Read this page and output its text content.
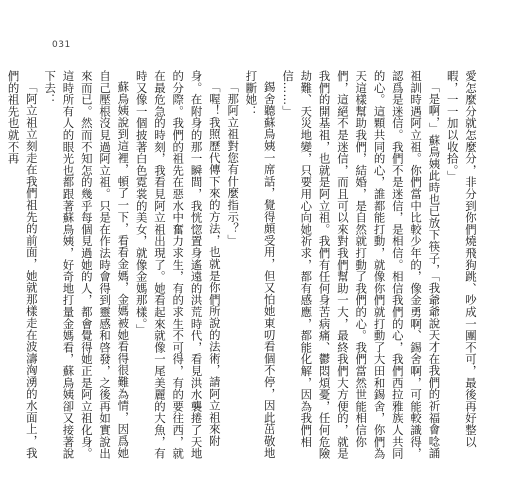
031

愛怎麼分就怎麼分，非分到你們燒飛狗跳、吵成一團不可，最後再好整以暇，一一加以收拾。」

「是啊，」蘇鳥姨此時也已放下筷子，「我爺爺說天才在我們的祈福會唸誦祖訓時遇阿立祖。你們當中比較少年的，像金勇啊、錫舍啊，可能較識得，認爲是迷信。我們不是迷信，是相信。相信我們的心，我們西拉雅族人共同的心。這顆共同的心，誰都能打動，就像你們就打動了大田和錫舍，你們為天這樣幫助我們，結婚，是自然就打動了我們的心。我們當然世能相信你們，這絕不是迷信，而且可以來對我們幫助一大，最終我們大方便的，就是我們的開基祖，也就是阿立祖。我們有任何身苦病痛、鬱悶煩憂，任何危險劫難、天災地變，只要用心向她祈求，都有感應，都能化解，因為我們相信……」

錫舍聽蘇鳥姨一席話，覺得頗受用，但又怕她東叨看個不停，因此茁敬地打斷她：

「那阿立祖對您有什麼指示？」

「喔！我照歷代傳下來的方法，也就是你們所說的法術，請阿立祖來附身。在附身的那一瞬間，我恍惚置身遙遠的洪荒時代，看見洪水襲捲了天地的分際。我們的祖先在惡水中奮力求生，有的求生不可得，有的要往西，就在最危急的時刻，我看見阿立祖出現了。她看起來就像一尾美麗的大魚，有時又像一個披著白色霓裳的美女，就像金媽那樣。」

蘇鳥姨說到這裡，頓了一下，看看金媽，金媽被她看得很難為情，因爲她自己壓根沒見過阿立祖。只是在作法時會得到靈感和啓發，之後再如實說出來而已。然而不知怎的幾乎每個見過她的人，都會覺得她正是阿立祖化身。這時所有人的眼光也都跟著蘇鳥姨，好奇地打量金媽看，蘇鳥姨卻又接著說下去：

「阿立祖立刻走在我們祖先的前面，她就那樣走在波濤洶湧的水面上，我們的祖先也就不再
